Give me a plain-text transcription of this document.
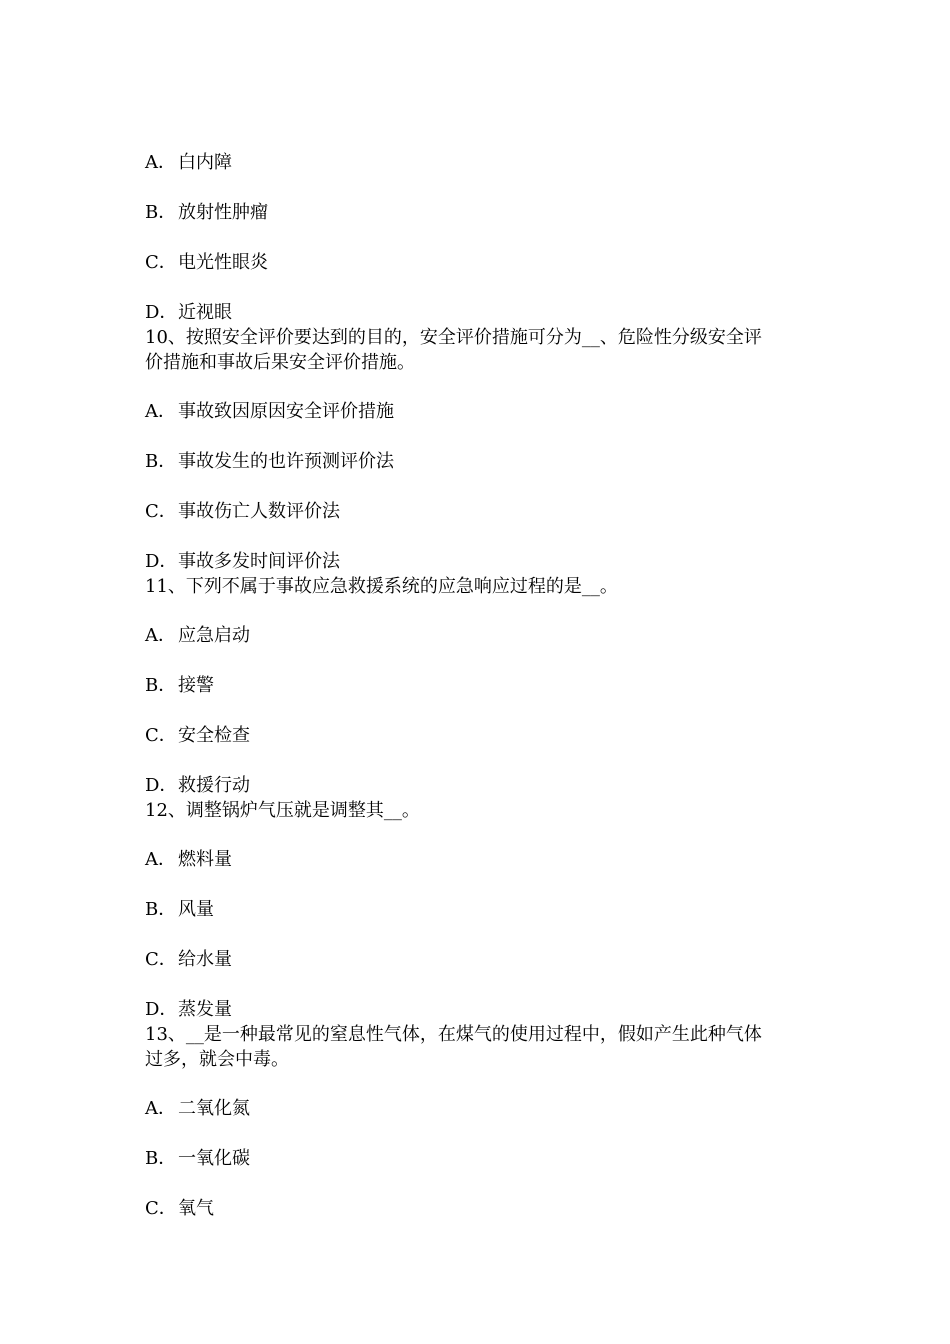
A． 白内障
B．放射性肿瘤
C．电光性眼炎
D．近视眼
10、按照安全评价要达到的目的，安全评价措施可分为__、危险性分级安全评
价措施和事故后果安全评价措施。
A． 事故致因原因安全评价措施
B．事故发生的也许预测评价法
C．事故伤亡人数评价法
D．事故多发时间评价法
11、下列不属于事故应急救援系统的应急响应过程的是__。
A． 应急启动
B．接警
C．安全检查
D．救援行动
12、调整锅炉气压就是调整其__。
A． 燃料量
B．风量
C．给水量
D．蒸发量
13、__是一种最常见的窒息性气体，在煤气的使用过程中，假如产生此种气体
过多，就会中毒。
A． 二氧化氮
B．一氧化碳
C．氧气
